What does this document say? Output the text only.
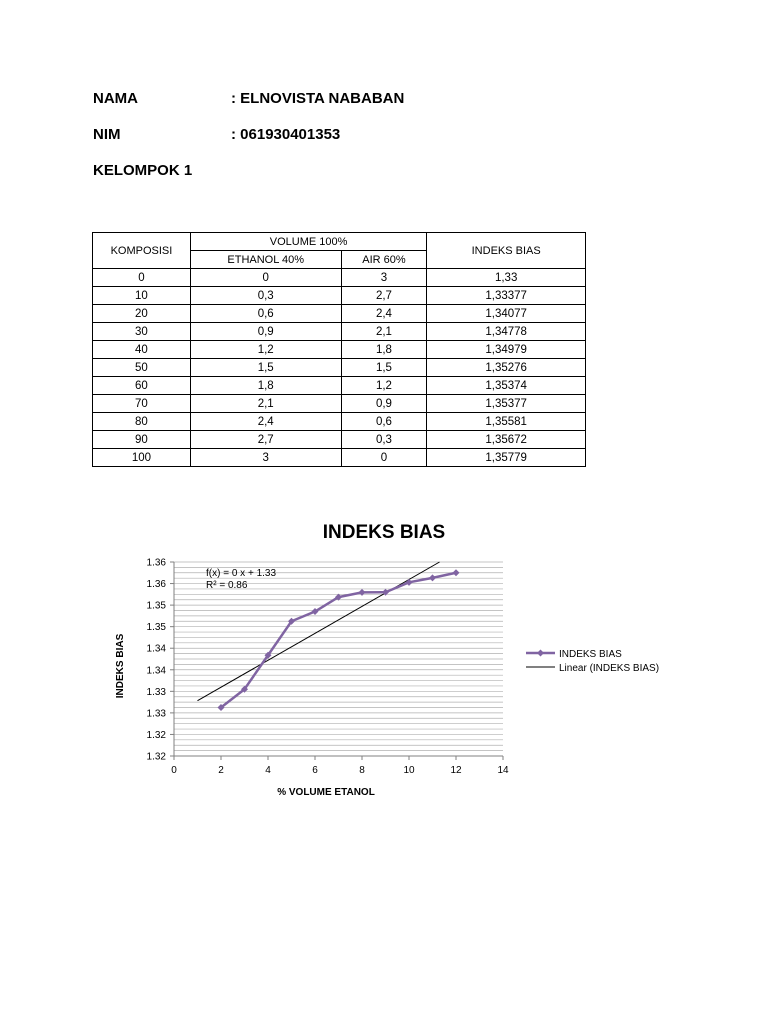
NAMA	: ELNOVISTA NABABAN
NIM	: 061930401353
KELOMPOK 1
KOMPOSISI	VOLUME 100%		INDEKS BIAS
	ETHANOL 40%	AIR 60%	
0	0	3	1,33
10	0,3	2,7	1,33377
20	0,6	2,4	1,34077
30	0,9	2,1	1,34778
40	1,2	1,8	1,34979
50	1,5	1,5	1,35276
60	1,8	1,2	1,35374
70	2,1	0,9	1,35377
80	2,4	0,6	1,35581
90	2,7	0,3	1,35672
100	3	0	1,35779
INDEKS BIAS
0	2	4	6	8	10	12	14
1.36
1.36
1.35
1.35
1.34
1.34
1.33
1.33
1.32
1.32
f(x) = 0 x + 1.33
R² = 0.86
% VOLUME ETANOL
INDEKS BIAS	INDEKS BIAS
Linear (INDEKS BIAS)
